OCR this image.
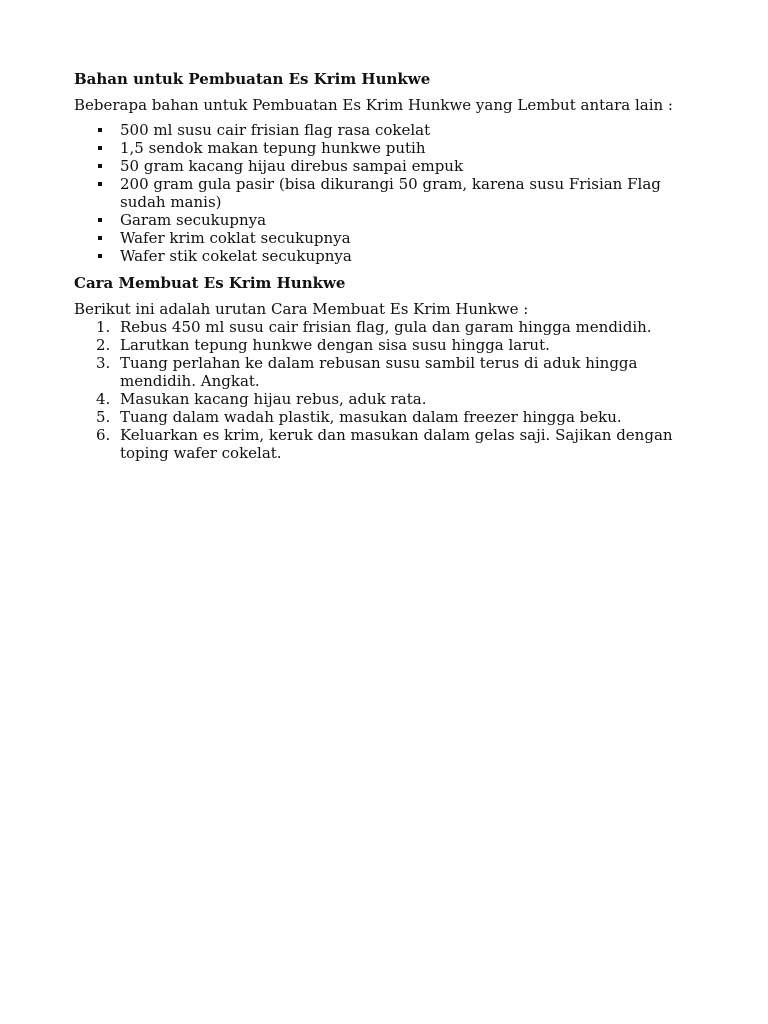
Bahan untuk Pembuatan Es Krim Hunkwe
Beberapa bahan untuk Pembuatan Es Krim Hunkwe yang Lembut antara lain :
500 ml susu cair frisian flag rasa cokelat
1,5 sendok makan tepung hunkwe putih
50 gram kacang hijau direbus sampai empuk
200 gram gula pasir (bisa dikurangi 50 gram, karena susu Frisian Flag sudah manis)
Garam secukupnya
Wafer krim coklat secukupnya
Wafer stik cokelat secukupnya
Cara Membuat Es Krim Hunkwe
Berikut ini adalah urutan Cara Membuat Es Krim Hunkwe :
1. Rebus 450 ml susu cair frisian flag, gula dan garam hingga mendidih.
2. Larutkan tepung hunkwe dengan sisa susu hingga larut.
3. Tuang perlahan ke dalam rebusan susu sambil terus di aduk hingga mendidih. Angkat.
4. Masukan kacang hijau rebus, aduk rata.
5. Tuang dalam wadah plastik, masukan dalam freezer hingga beku.
6. Keluarkan es krim, keruk dan masukan dalam gelas saji. Sajikan dengan toping wafer cokelat.
